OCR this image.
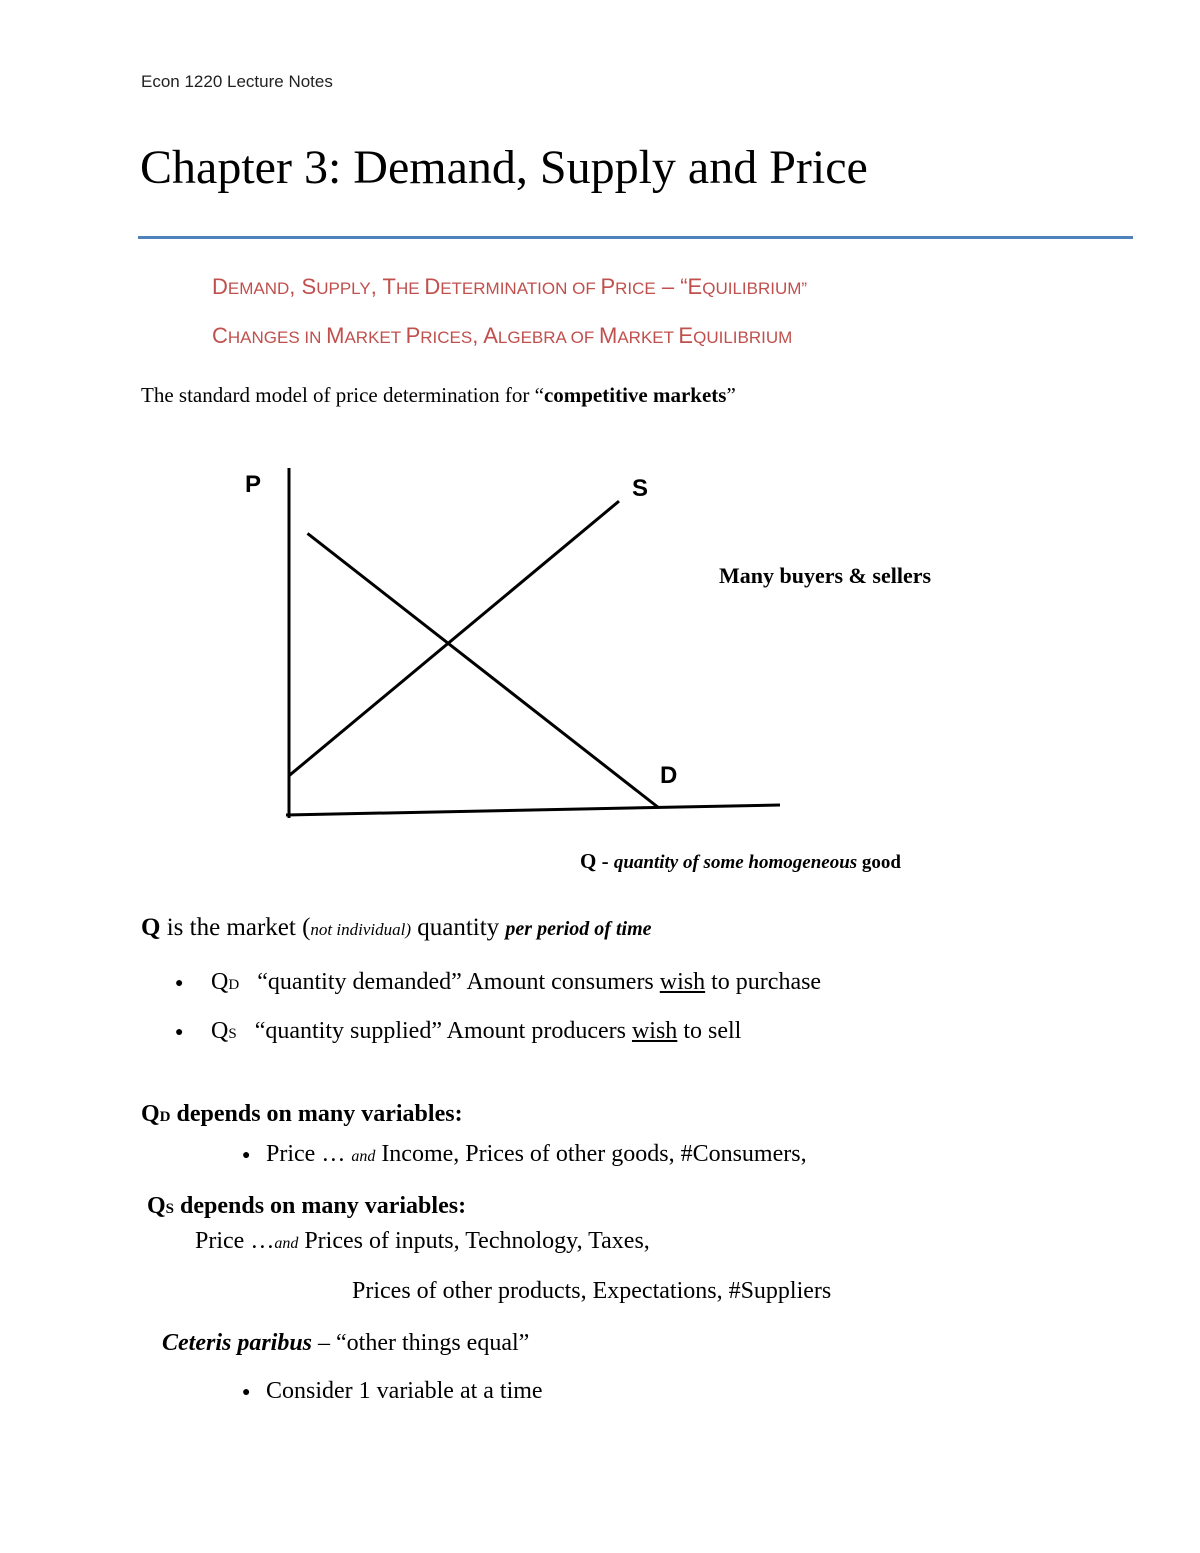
Econ 1220 Lecture Notes
Chapter 3: Demand, Supply and Price
DEMAND, SUPPLY, THE DETERMINATION OF PRICE – “EQUILIBRIUM”
CHANGES IN MARKET PRICES, ALGEBRA OF MARKET EQUILIBRIUM
The standard model of price determination for “competitive markets”
P	S
D
Many buyers & sellers
Q - quantity of some homogeneous good
Q is the market (not individual) quantity per period of time
● QD “quantity demanded” Amount consumers wish to purchase
● QS “quantity supplied” Amount producers wish to sell
QD depends on many variables:
● Price … and Income, Prices of other goods, #Consumers,
QS depends on many variables:
Price …and Prices of inputs, Technology, Taxes,
Prices of other products, Expectations, #Suppliers
Ceteris paribus – “other things equal”
● Consider 1 variable at a time
